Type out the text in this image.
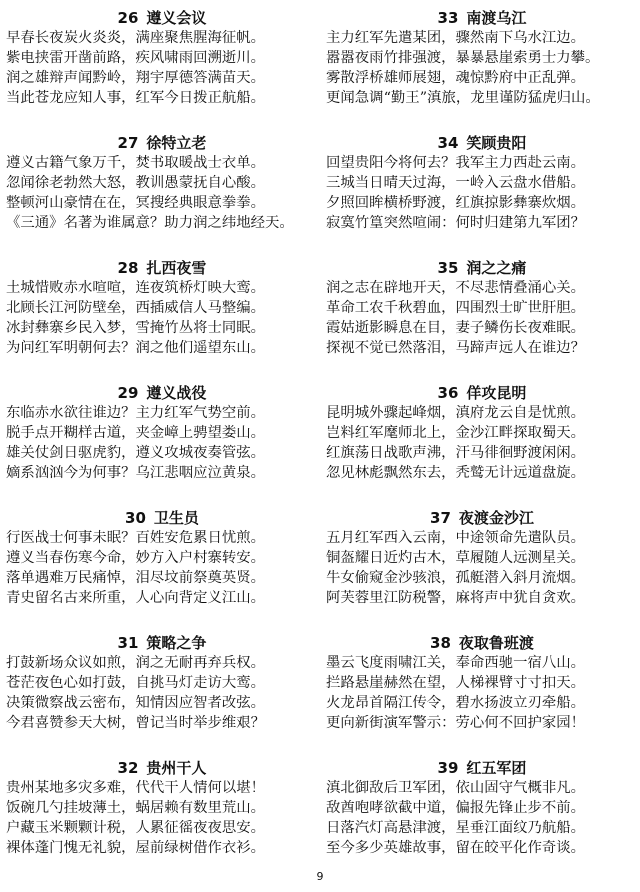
26 遵义会议
早春长夜炭火炎炎，满座聚焦腥海征帆。
紫电挟雷开凿前路，疾风啸雨回溯逝川。
润之雄辩声闻黔岭，翔宇厚德答满苗天。
当此苍龙应知人事，红军今日拨正航船。
27 徐特立老
遵义古籍气象万千，焚书取暖战士衣单。
忽闻徐老勃然大怒，教训愚蒙抚自心酸。
整顿河山豪情在在，冥搜经典眼意拳拳。
《三通》名著为谁属意？助力润之纬地经天。
28 扎西夜雪
土城惜败赤水喧喧，连夜筑桥灯映大鸾。
北顾长江河防壁垒，西插威信人马整编。
冰封彝寨乡民入梦，雪掩竹丛将士同眠。
为问红军明朝何去？润之他们遥望东山。
29 遵义战役
东临赤水欲往谁边？主力红军气势空前。
脱手点开糊样古道，夹金嶂上骋望娄山。
雄关仗剑日驱虎豹，遵义攻城夜奏管弦。
嫡系汹汹今为何事？乌江悲咽应泣黄泉。
30 卫生员
行医战士何事未眠？百姓安危累日忧煎。
遵义当春伤寒今命，妙方入户村寨转安。
落单遇难万民痛悼，泪尽坟前祭奠英贤。
青史留名古来所重，人心向背定义江山。
31 策略之争
打鼓新场众议如煎，润之无耐再弃兵权。
苍茫夜色心如打鼓，自挑马灯走访大鸾。
决策微察战云密布，知情因应智者改弦。
今君喜赞参天大树，曾记当时举步维艰？
32 贵州干人
贵州某地多灾多难，代代干人情何以堪！
饭碗几勺挂坡薄土，蜗居赖有数里荒山。
户藏玉米颗颗计税，人累征徭夜夜思安。
裸体蓬门愧无礼貌，屋前绿树借作衣衫。
33 南渡乌江
主力红军先遣某团，骤然南下乌水江边。
嚣嚣夜雨竹排强渡，暴暴悬崖索勇士力攀。
雾散浮桥雄师展翅，魂惊黔府中正乱弹。
更闻急调“勤王”滇旅，龙里谨防猛虎归山。
34 笑顾贵阳
回望贵阳今将何去？我军主力西赴云南。
三城当日晴天过海，一岭入云盘水借船。
夕照回眸横桥野渡，红旗掠影彝寨炊烟。
寂寞竹篁突然喧闹：何时归建第九军团？
35 润之之痛
润之志在辟地开天，不尽悲情叠涌心关。
革命工农千秋碧血，四围烈士旷世肝胆。
霞姑逝影瞬息在目，妻子鳞伤长夜难眠。
探视不觉已然落泪，马蹄声远人在谁边？
36 佯攻昆明
昆明城外骤起峰烟，滇府龙云自是忧煎。
岂料红军麾师北上，金沙江畔探取蜀天。
红旗荡日战歌声沸，汗马徘徊野渡闲闲。
忽见林彪飘然东去，秃鹫无计远道盘旋。
37 夜渡金沙江
五月红军西入云南，中途领命先遣队员。
铜盔耀日近灼古木，草履随人远测星关。
牛女偷窥金沙骇浪，孤艇潜入斜月流烟。
阿芙蓉里江防税警，麻将声中犹自贪欢。
38 夜取鲁班渡
墨云飞度雨啸江关，奉命西驰一宿八山。
拦路悬崖赫然在望，人梯裸臂寸寸扣天。
火龙昂首隔江传令，碧水扬波立刃牵船。
更向新街演军警示：劳心何不回护家园！
39 红五军团
滇北御敌后卫军团，依山固守气概非凡。
敌酋咆哮欲截中道，偏报先锋止步不前。
日落汽灯高悬津渡，星垂江面纹乃航船。
至今多少英雄故事，留在皎平化作奇谈。
9
